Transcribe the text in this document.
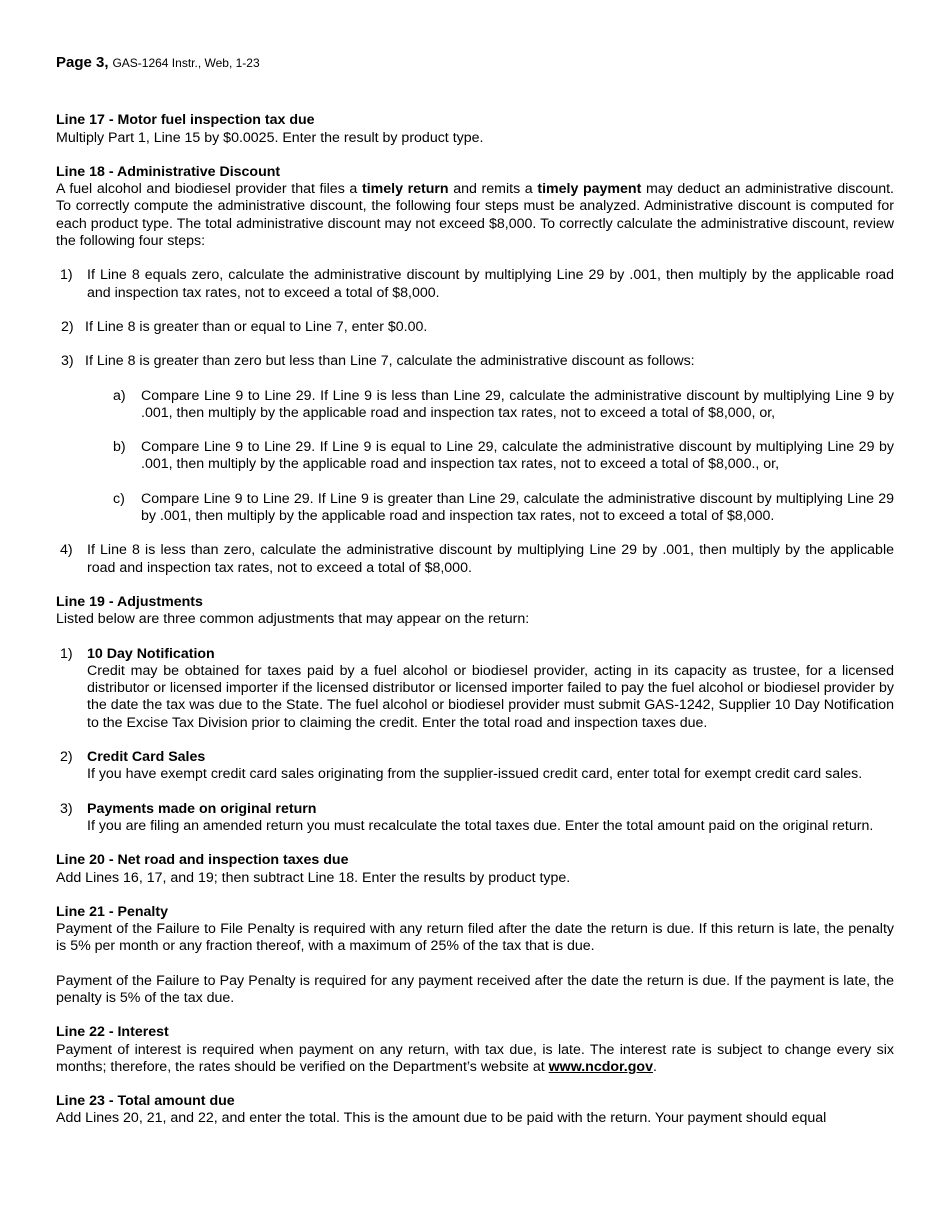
Page 3, GAS-1264 Instr., Web, 1-23
Line 17 - Motor fuel inspection tax due

Multiply Part 1, Line 15 by $0.0025. Enter the result by product type.

Line 18 - Administrative Discount

A fuel alcohol and biodiesel provider that files a timely return and remits a timely payment may deduct an administrative discount. To correctly compute the administrative discount, the following four steps must be analyzed. Administrative discount is computed for each product type. The total administrative discount may not exceed $8,000. To correctly calculate the administrative discount, review the following four steps:

1)	If Line 8 equals zero, calculate the administrative discount by multiplying Line 29 by .001, then multiply by the applicable road and inspection tax rates, not to exceed a total of $8,000.
2) If Line 8 is greater than or equal to Line 7, enter $0.00.
3) If Line 8 is greater than zero but less than Line 7, calculate the administrative discount as follows:
a)	Compare Line 9 to Line 29. If Line 9 is less than Line 29, calculate the administrative discount by multiplying Line 9 by .001, then multiply by the applicable road and inspection tax rates, not to exceed a total of $8,000, or,
b)	Compare Line 9 to Line 29. If Line 9 is equal to Line 29, calculate the administrative discount by multiplying Line 29 by .001, then multiply by the applicable road and inspection tax rates, not to exceed a total of $8,000., or,
c)	Compare Line 9 to Line 29. If Line 9 is greater than Line 29, calculate the administrative discount by multiplying Line 29 by .001, then multiply by the applicable road and inspection tax rates, not to exceed a total of $8,000.
4)	If Line 8 is less than zero, calculate the administrative discount by multiplying Line 29 by .001, then multiply by the applicable road and inspection tax rates, not to exceed a total of $8,000.
Line 19 - Adjustments

Listed below are three common adjustments that may appear on the return:

1)	10 Day Notification
Credit may be obtained for taxes paid by a fuel alcohol or biodiesel provider, acting in its capacity as trustee, for a licensed distributor or licensed importer if the licensed distributor or licensed importer failed to pay the fuel alcohol or biodiesel provider by the date the tax was due to the State. The fuel alcohol or biodiesel provider must submit GAS-1242, Supplier 10 Day Notification to the Excise Tax Division prior to claiming the credit. Enter the total road and inspection taxes due.
2)	Credit Card Sales
If you have exempt credit card sales originating from the supplier-issued credit card, enter total for exempt credit card sales.
3)	Payments made on original return
If you are filing an amended return you must recalculate the total taxes due. Enter the total amount paid on the original return.
Line 20 - Net road and inspection taxes due

Add Lines 16, 17, and 19; then subtract Line 18. Enter the results by product type.

Line 21 - Penalty

Payment of the Failure to File Penalty is required with any return filed after the date the return is due. If this return is late, the penalty is 5% per month or any fraction thereof, with a maximum of 25% of the tax that is due.

Payment of the Failure to Pay Penalty is required for any payment received after the date the return is due. If the payment is late, the penalty is 5% of the tax due.

Line 22 - Interest

Payment of interest is required when payment on any return, with tax due, is late. The interest rate is subject to change every six months; therefore, the rates should be verified on the Department’s website at www.ncdor.gov.

Line 23 - Total amount due

Add Lines 20, 21, and 22, and enter the total. This is the amount due to be paid with the return. Your payment should equal
